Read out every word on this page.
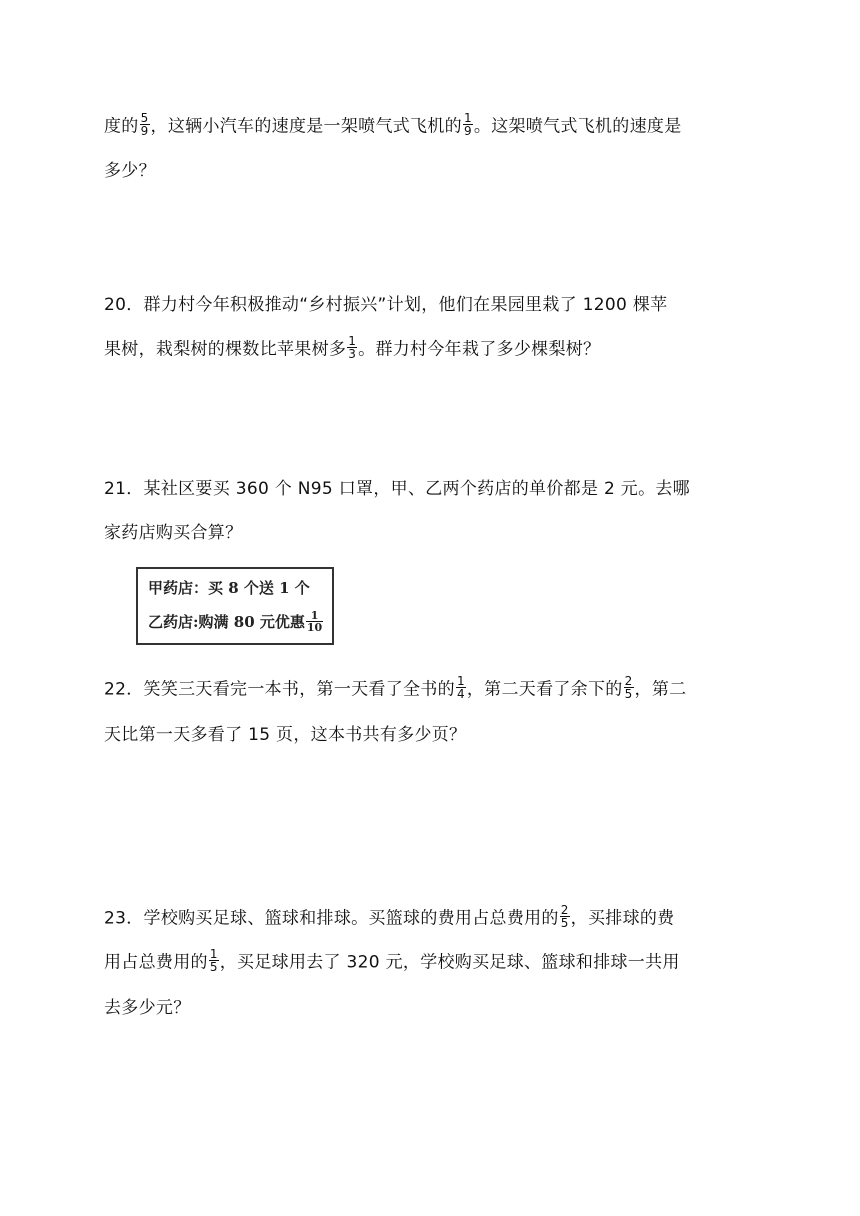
度的 $\frac{5}{9}$ ，这辆小汽车的速度是一架喷气式飞机的 $\frac{1}{9}$ 。这架喷气式飞机的速度是
多少？
20．群力村今年积极推动“乡村振兴”计划，他们在果园里栽了 1200 棵苹
果树，栽梨树的棵数比苹果树多 $\frac{1}{3}$ 。群力村今年栽了多少棵梨树？
21．某社区要买 360 个 N95 口罩，甲、乙两个药店的单价都是 2 元。去哪
家药店购买合算？
甲药店：买 8 个送 1 个
乙药店:购满 80 元优惠 $\frac{1}{10}$
22．笑笑三天看完一本书，第一天看了全书的 $\frac{1}{4}$ ，第二天看了余下的 $\frac{2}{5}$ ，第二
天比第一天多看了 15 页，这本书共有多少页？
23．学校购买足球、篮球和排球。买篮球的费用占总费用的 $\frac{2}{5}$ ，买排球的费
用占总费用的 $\frac{1}{5}$ ，买足球用去了 320 元，学校购买足球、篮球和排球一共用
去多少元？
